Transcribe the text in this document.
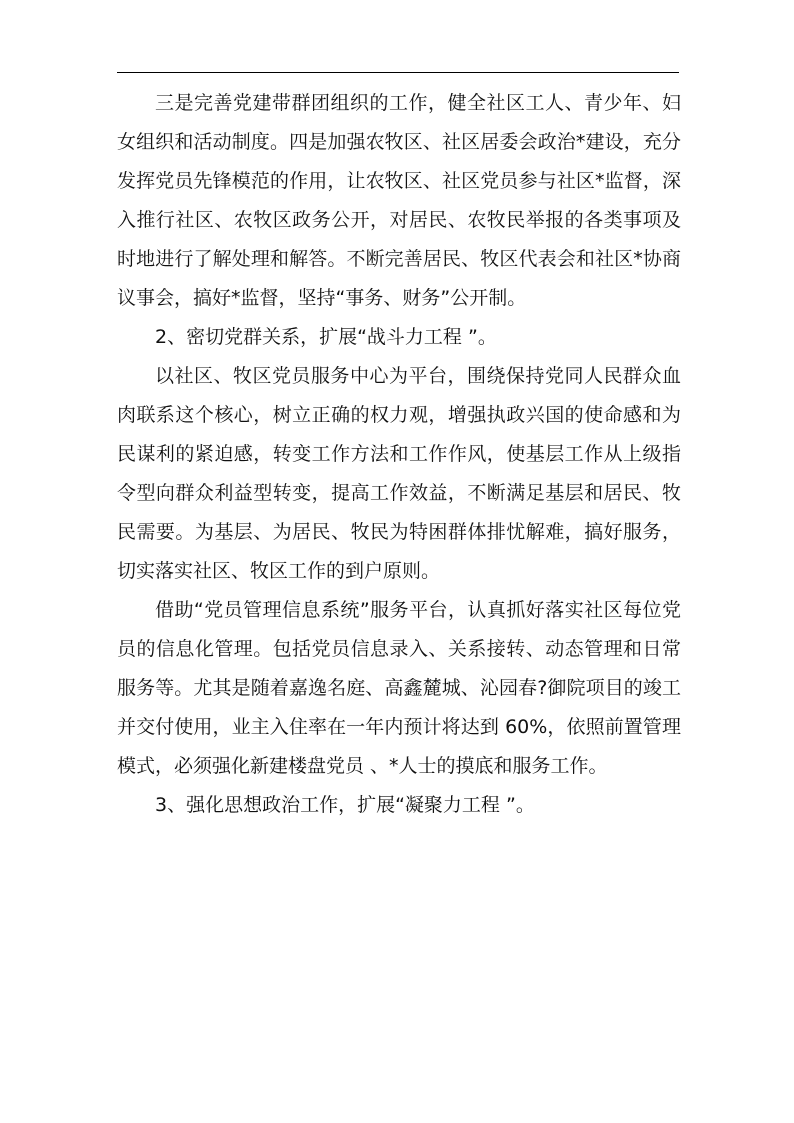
三是完善党建带群团组织的工作，健全社区工人、青少年、妇女组织和活动制度。四是加强农牧区、社区居委会政治*建设，充分发挥党员先锋模范的作用，让农牧区、社区党员参与社区*监督，深入推行社区、农牧区政务公开，对居民、农牧民举报的各类事项及时地进行了解处理和解答。不断完善居民、牧区代表会和社区*协商议事会，搞好*监督，坚持“事务、财务”公开制。

2、密切党群关系，扩展“战斗力工程 ”。

以社区、牧区党员服务中心为平台，围绕保持党同人民群众血肉联系这个核心，树立正确的权力观，增强执政兴国的使命感和为民谋利的紧迫感，转变工作方法和工作作风，使基层工作从上级指令型向群众利益型转变，提高工作效益，不断满足基层和居民、牧民需要。为基层、为居民、牧民为特困群体排忧解难，搞好服务，切实落实社区、牧区工作的到户原则。

借助“党员管理信息系统”服务平台，认真抓好落实社区每位党员的信息化管理。包括党员信息录入、关系接转、动态管理和日常服务等。尤其是随着嘉逸名庭、高鑫麓城、沁园春?御院项目的竣工并交付使用，业主入住率在一年内预计将达到 60%，依照前置管理模式，必须强化新建楼盘党员 、*人士的摸底和服务工作。

3、强化思想政治工作，扩展“凝聚力工程 ”。
